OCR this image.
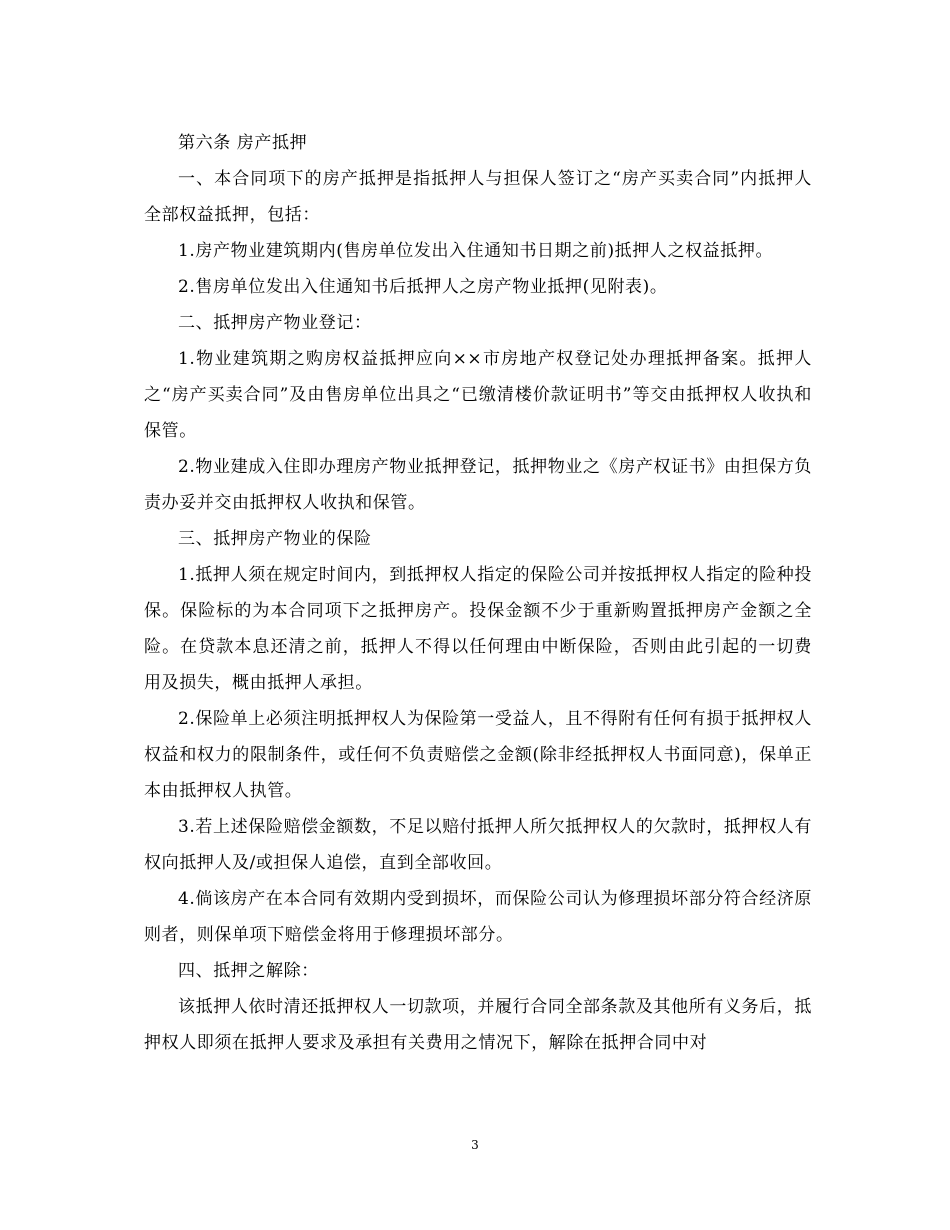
第六条 房产抵押

一、本合同项下的房产抵押是指抵押人与担保人签订之“房产买卖合同”内抵押人全部权益抵押，包括：

1.房产物业建筑期内(售房单位发出入住通知书日期之前)抵押人之权益抵押。

2.售房单位发出入住通知书后抵押人之房产物业抵押(见附表)。

二、抵押房产物业登记：

1.物业建筑期之购房权益抵押应向××市房地产权登记处办理抵押备案。抵押人之“房产买卖合同”及由售房单位出具之“已缴清楼价款证明书”等交由抵押权人收执和保管。

2.物业建成入住即办理房产物业抵押登记，抵押物业之《房产权证书》由担保方负责办妥并交由抵押权人收执和保管。

三、抵押房产物业的保险

1.抵押人须在规定时间内，到抵押权人指定的保险公司并按抵押权人指定的险种投保。保险标的为本合同项下之抵押房产。投保金额不少于重新购置抵押房产金额之全险。在贷款本息还清之前，抵押人不得以任何理由中断保险，否则由此引起的一切费用及损失，概由抵押人承担。

2.保险单上必须注明抵押权人为保险第一受益人，且不得附有任何有损于抵押权人权益和权力的限制条件，或任何不负责赔偿之金额(除非经抵押权人书面同意)，保单正本由抵押权人执管。

3.若上述保险赔偿金额数，不足以赔付抵押人所欠抵押权人的欠款时，抵押权人有权向抵押人及/或担保人追偿，直到全部收回。

4.倘该房产在本合同有效期内受到损坏，而保险公司认为修理损坏部分符合经济原则者，则保单项下赔偿金将用于修理损坏部分。

四、抵押之解除：

该抵押人依时清还抵押权人一切款项，并履行合同全部条款及其他所有义务后，抵押权人即须在抵押人要求及承担有关费用之情况下，解除在抵押合同中对

3
